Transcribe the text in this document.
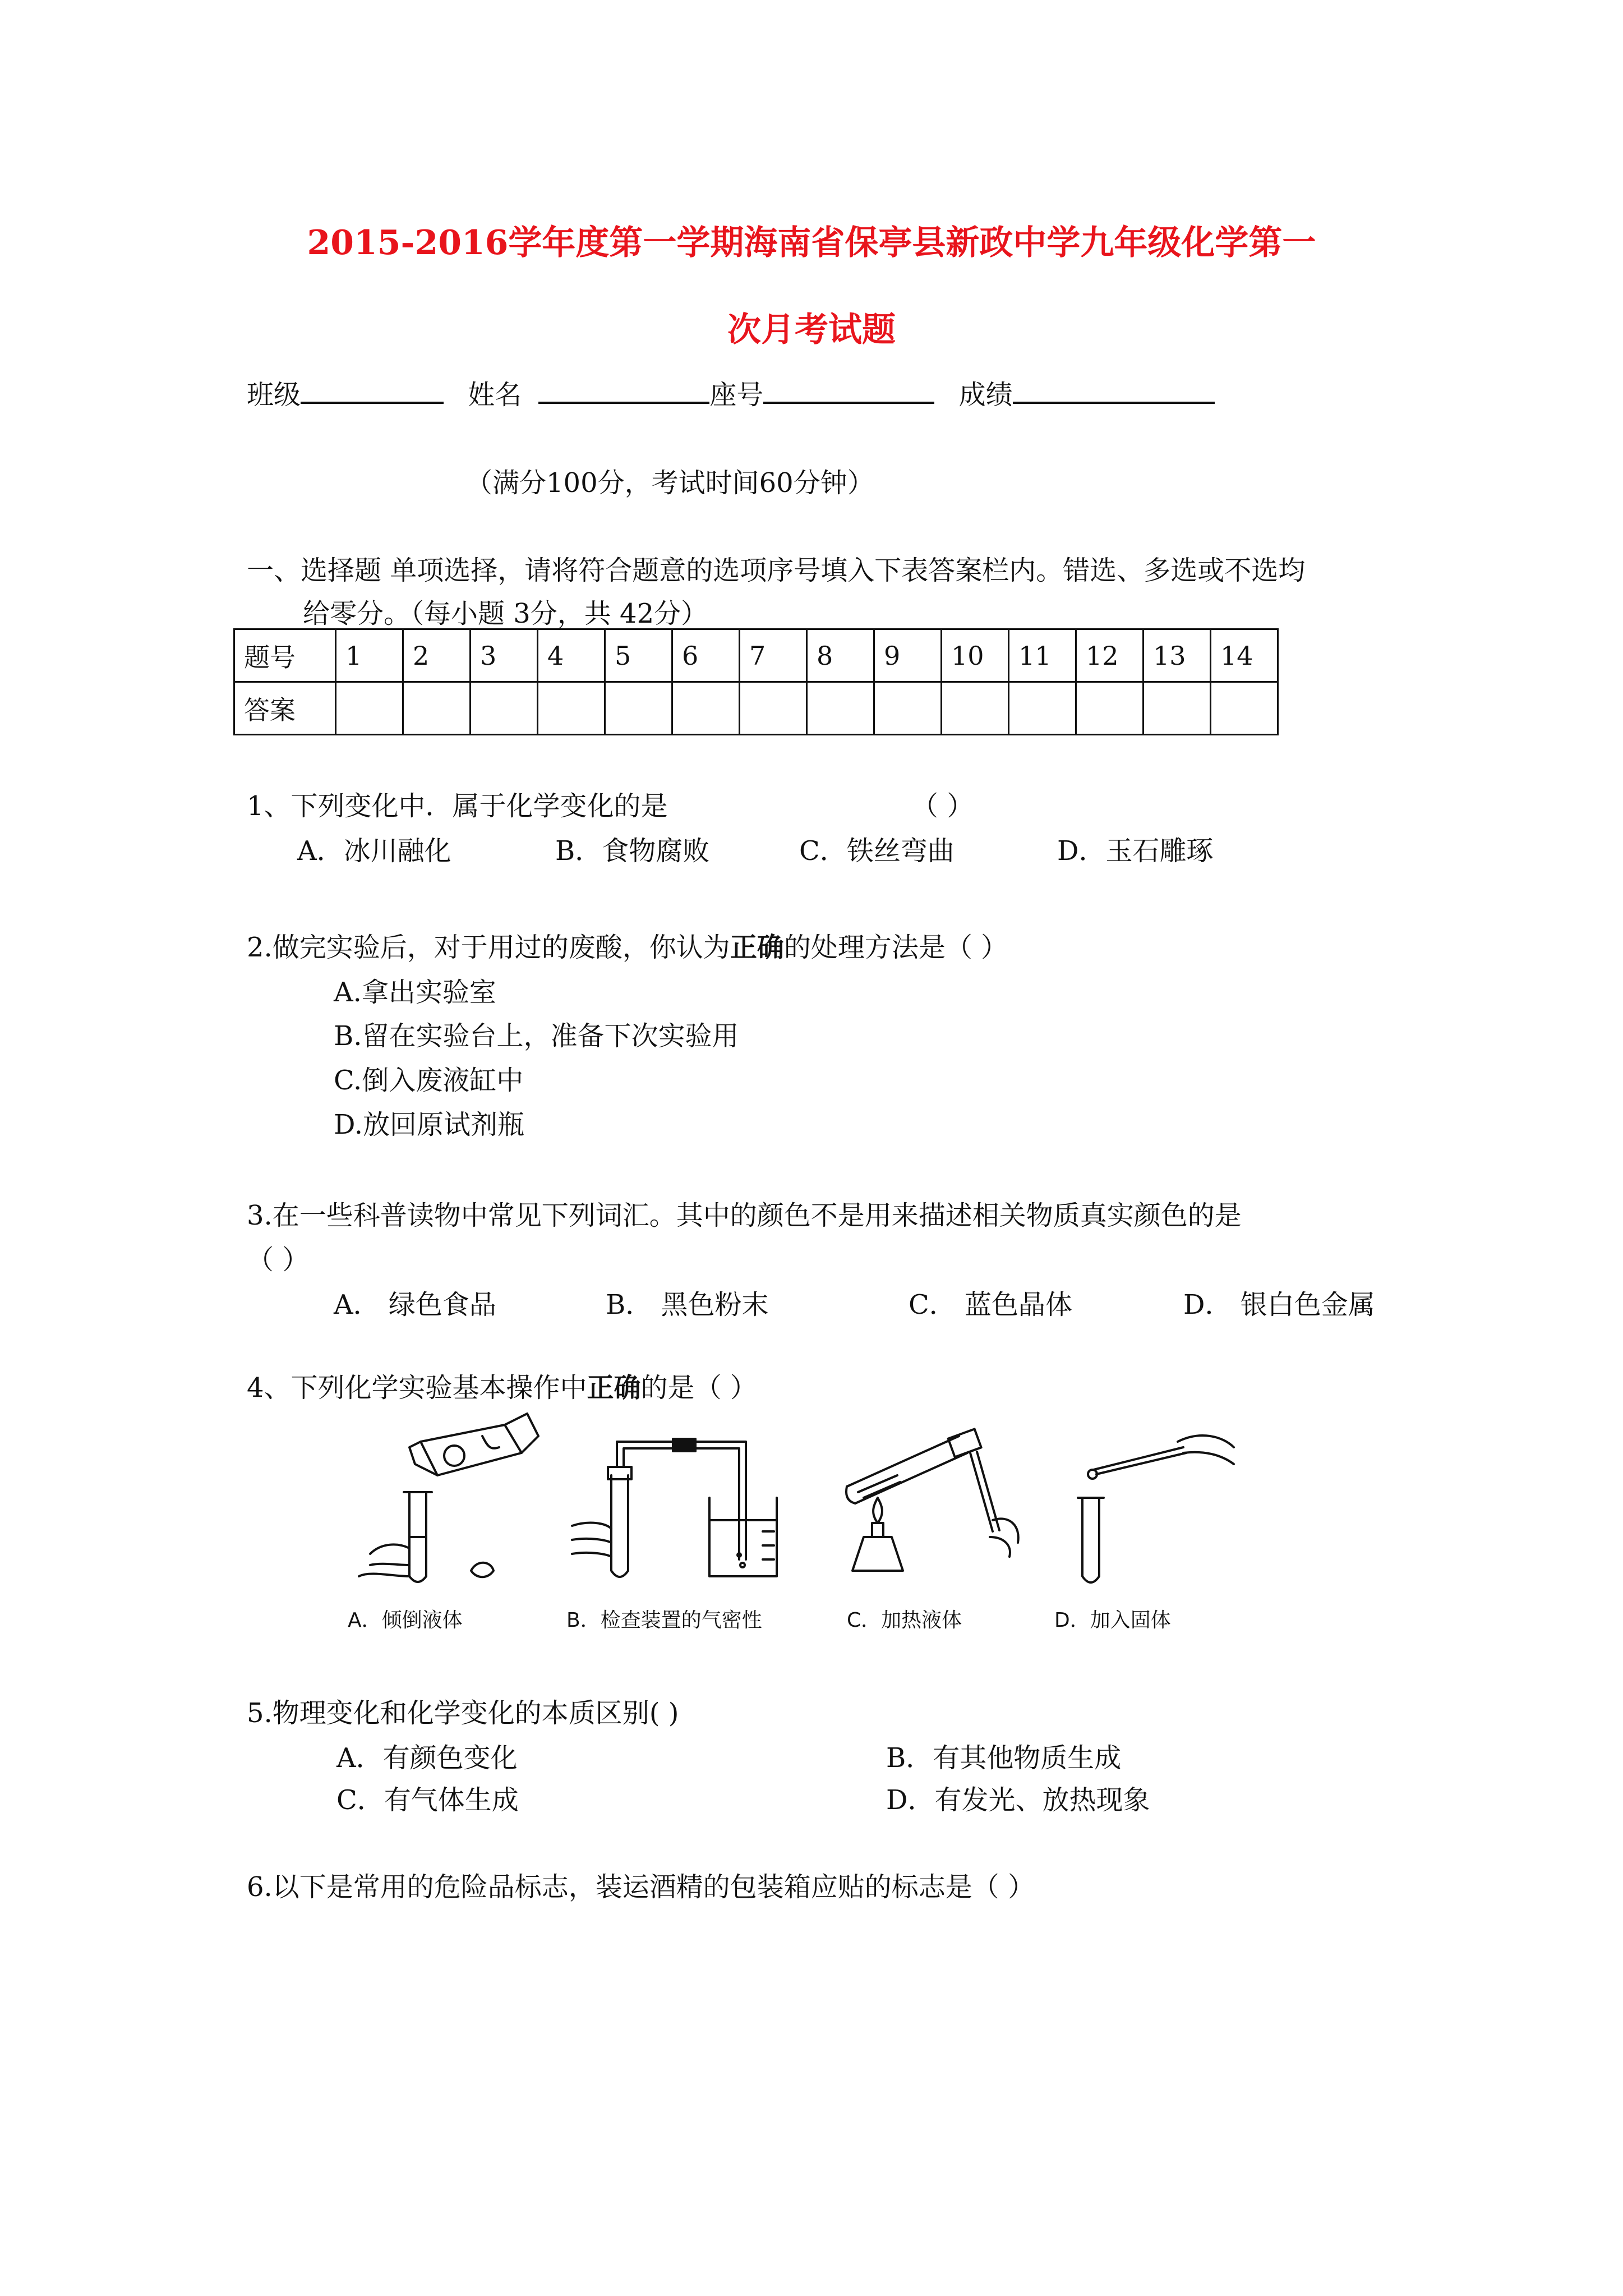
2015-2016学年度第一学期海南省保亭县新政中学九年级化学第一
次月考试题
班级	姓名	座号	成绩
（满分100分，考试时间60分钟）
一、选择题 单项选择，请将符合题意的选项序号填入下表答案栏内。错选、多选或不选均
给零分。（每小题 3分，共 42分）
题号	1	2	3	4	5	6	7	8	9	10	11	12	13	14
答案														
1、下列变化中．属于化学变化的是	（ ）
A．冰川融化	B．食物腐败	C．铁丝弯曲	D．玉石雕琢
2.做完实验后，对于用过的废酸，你认为正确的处理方法是（ ）
A.拿出实验室
B.留在实验台上，准备下次实验用
C.倒入废液缸中
D.放回原试剂瓶
3.在一些科普读物中常见下列词汇。其中的颜色不是用来描述相关物质真实颜色的是
（ ）
A． 绿色食品	B． 黑色粉末	C． 蓝色晶体	D． 银白色金属
4、下列化学实验基本操作中正确的是（ ）
A．倾倒液体	B．检查装置的气密性	C．加热液体	D．加入固体
5.物理变化和化学变化的本质区别( )
A．有颜色变化	B．有其他物质生成
C．有气体生成	D．有发光、放热现象
6.以下是常用的危险品标志，装运酒精的包装箱应贴的标志是（ ）
